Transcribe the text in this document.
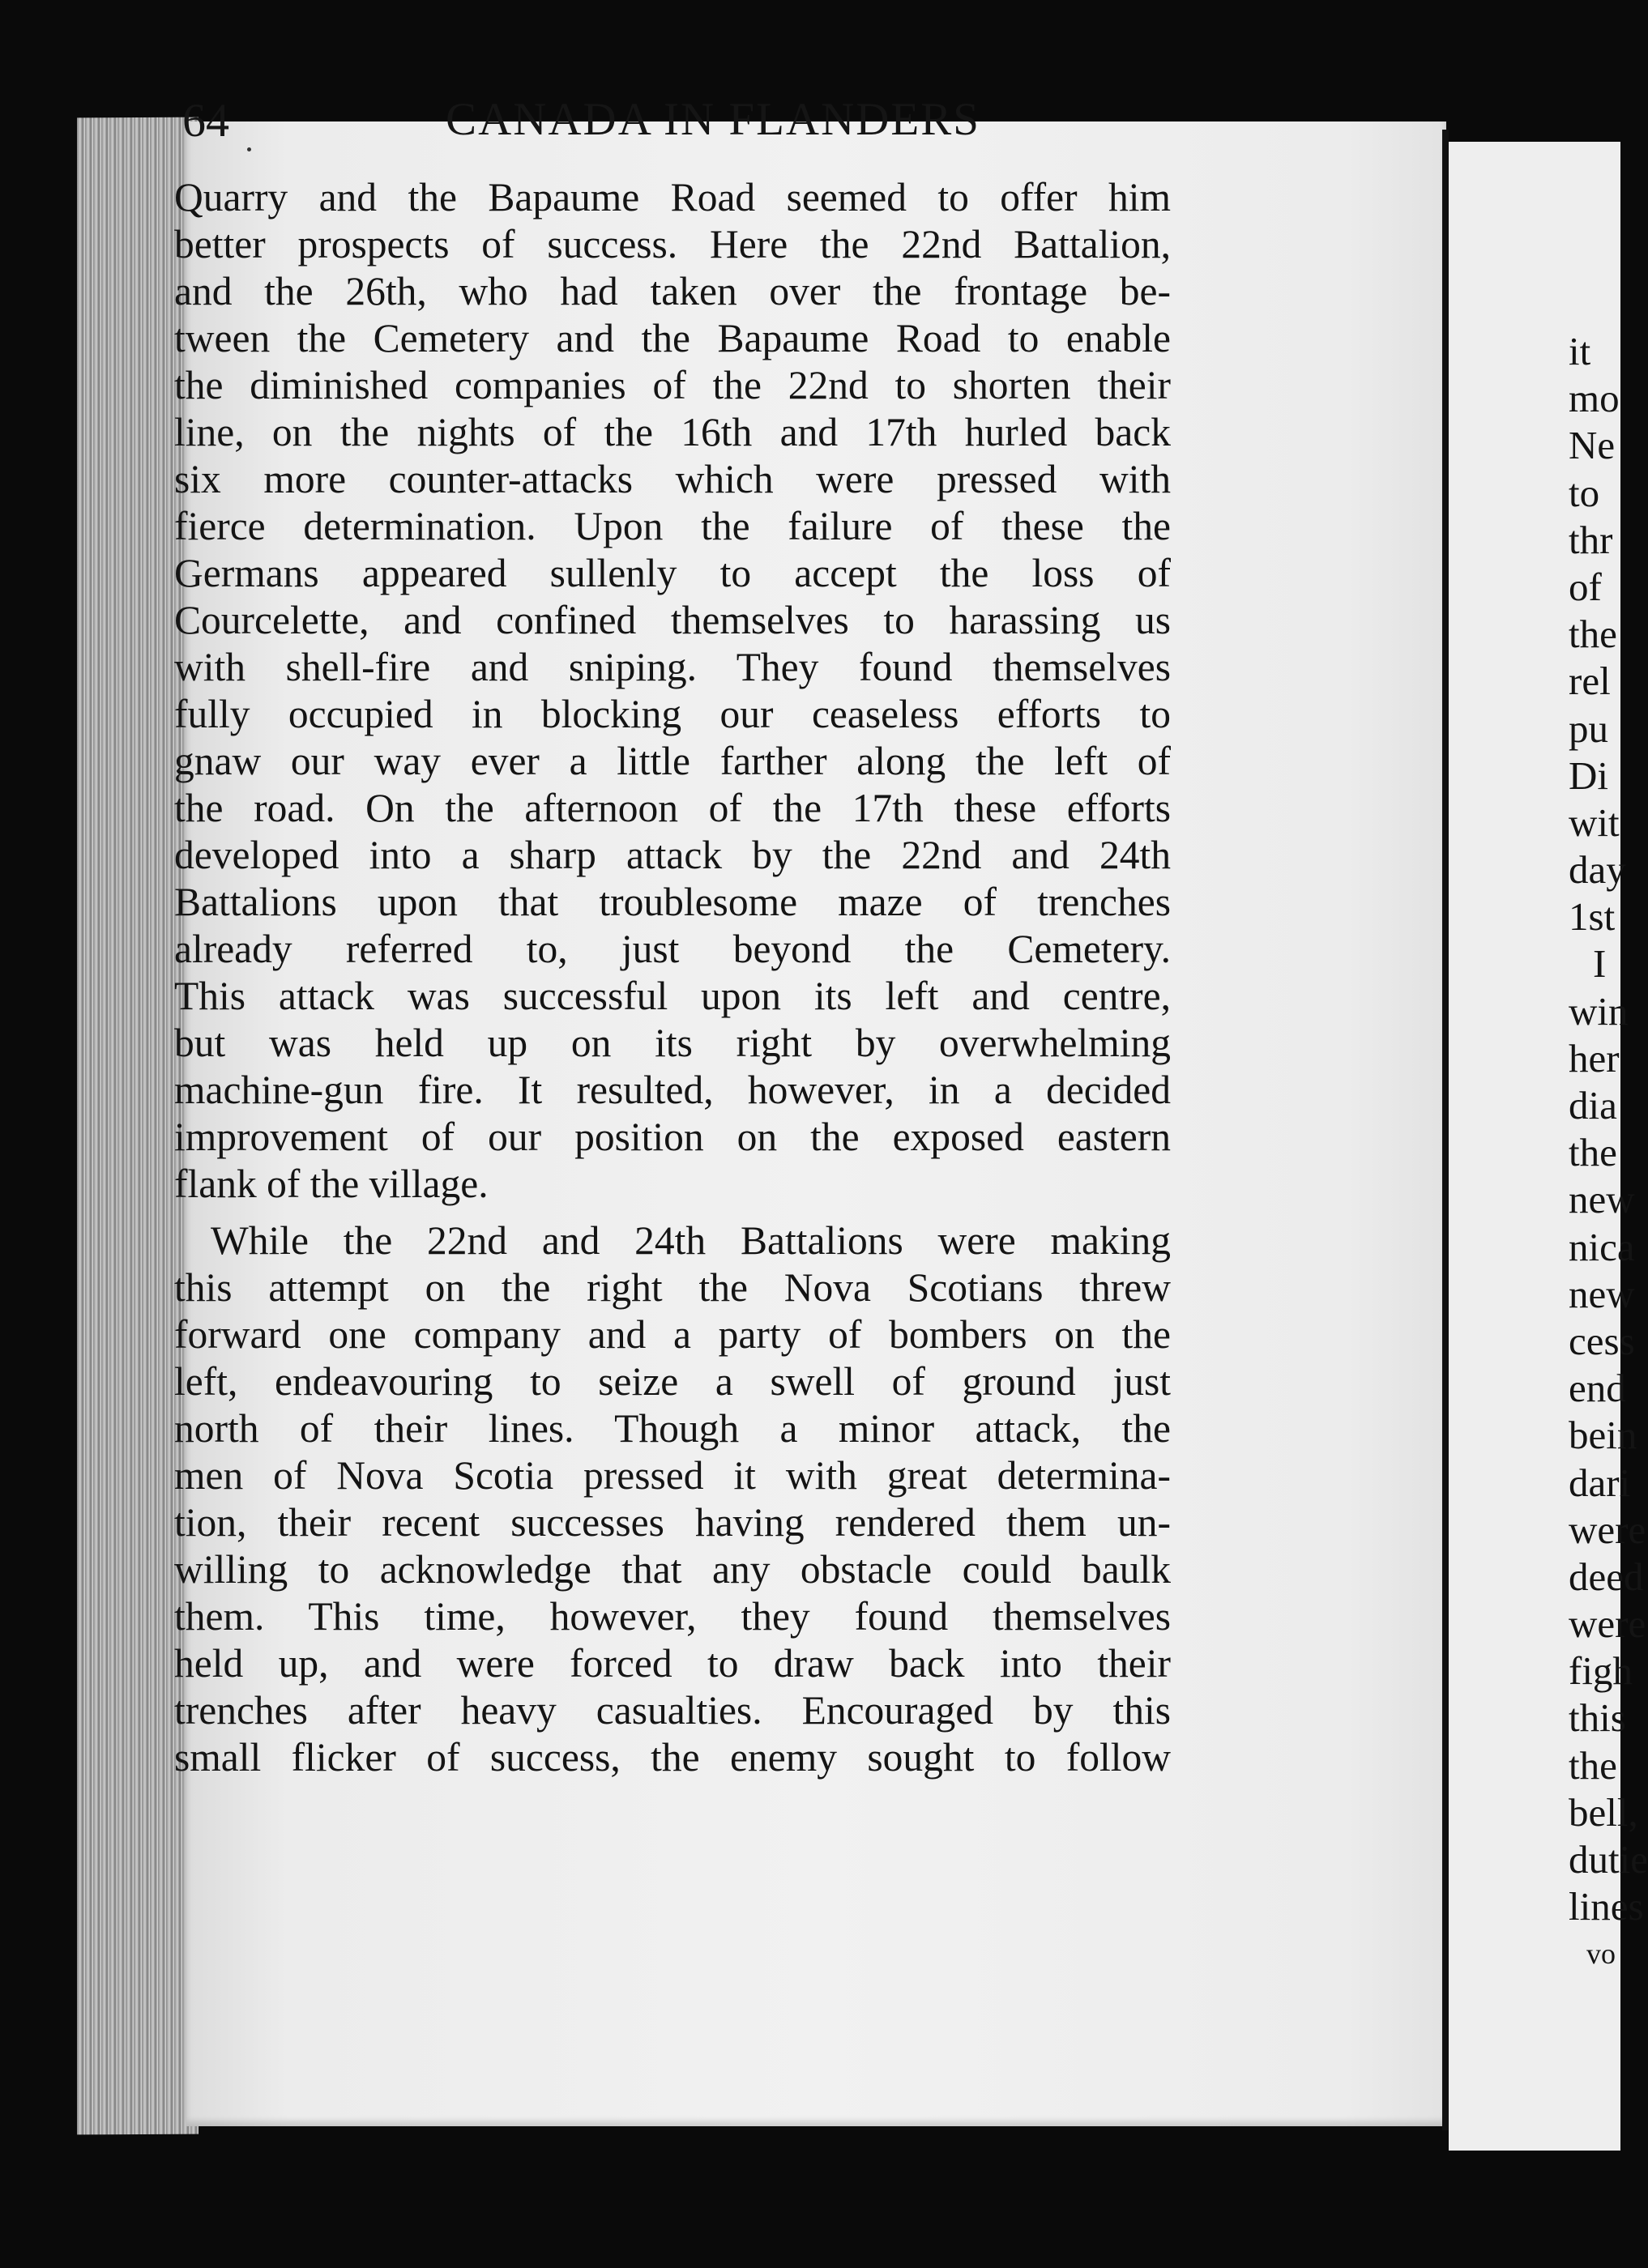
it
mo
Ne
to
thr
of
the
rel
pu
Di
wit
day
1st
I
win
her
dia
the
new
nica
new
cess
end
bein
dari
were
deed
were
figh
this
the
bell,
dutie
lines
vo
64	CANADA IN FLANDERS
Quarry and the Bapaume Road seemed to offer him
better prospects of success. Here the 22nd Battalion,
and the 26th, who had taken over the frontage be-
tween the Cemetery and the Bapaume Road to enable
the diminished companies of the 22nd to shorten their
line, on the nights of the 16th and 17th hurled back
six more counter-attacks which were pressed with
fierce determination. Upon the failure of these the
Germans appeared sullenly to accept the loss of
Courcelette, and confined themselves to harassing us
with shell-fire and sniping. They found themselves
fully occupied in blocking our ceaseless efforts to
gnaw our way ever a little farther along the left of
the road. On the afternoon of the 17th these efforts
developed into a sharp attack by the 22nd and 24th
Battalions upon that troublesome maze of trenches
already referred to, just beyond the Cemetery.
This attack was successful upon its left and centre,
but was held up on its right by overwhelming
machine-gun fire. It resulted, however, in a decided
improvement of our position on the exposed eastern
flank of the village.
While the 22nd and 24th Battalions were making
this attempt on the right the Nova Scotians threw
forward one company and a party of bombers on the
left, endeavouring to seize a swell of ground just
north of their lines. Though a minor attack, the
men of Nova Scotia pressed it with great determina-
tion, their recent successes having rendered them un-
willing to acknowledge that any obstacle could baulk
them. This time, however, they found themselves
held up, and were forced to draw back into their
trenches after heavy casualties. Encouraged by this
small flicker of success, the enemy sought to follow
